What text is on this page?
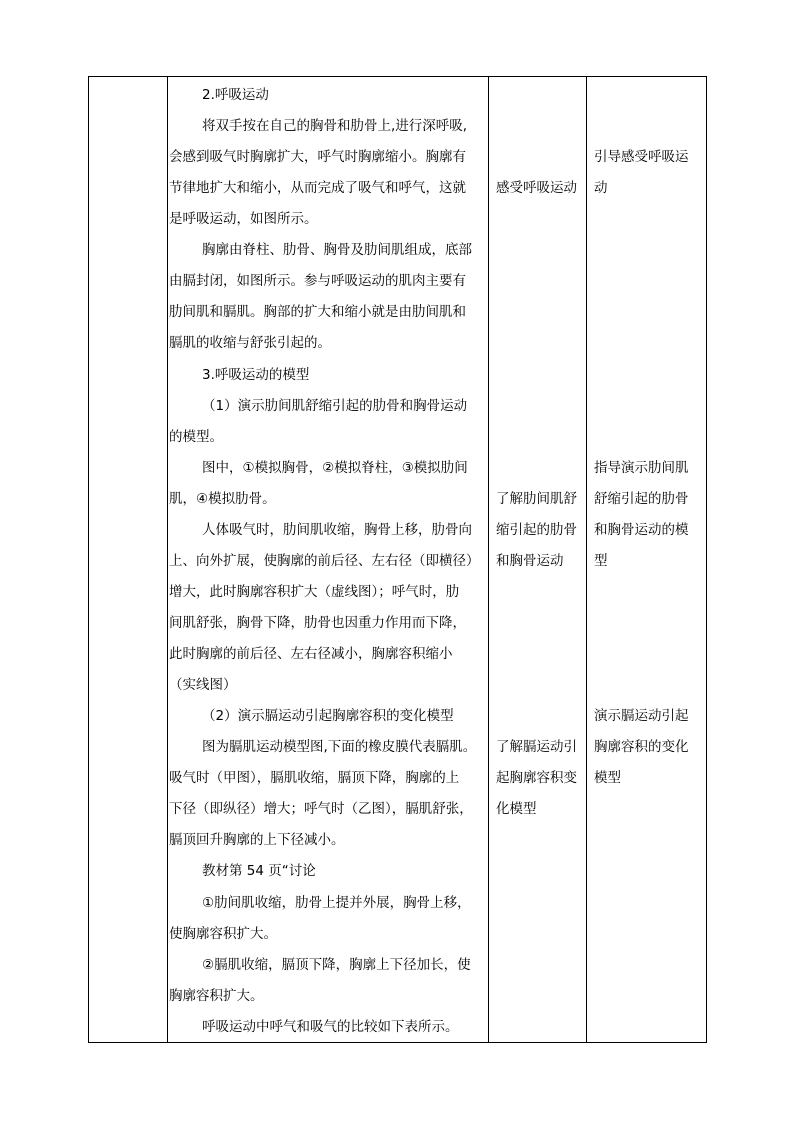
2.呼吸运动
将双手按在自己的胸骨和肋骨上,进行深呼吸,
会感到吸气时胸廓扩大，呼气时胸廓缩小。胸廓有
节律地扩大和缩小，从而完成了吸气和呼气，这就
是呼吸运动，如图所示。
胸廓由脊柱、肋骨、胸骨及肋间肌组成，底部
由膈封闭，如图所示。参与呼吸运动的肌肉主要有
肋间肌和膈肌。胸部的扩大和缩小就是由肋间肌和
膈肌的收缩与舒张引起的。
3.呼吸运动的模型
（1）演示肋间肌舒缩引起的肋骨和胸骨运动
的模型。
图中，①模拟胸骨，②模拟脊柱，③模拟肋间
肌，④模拟肋骨。
人体吸气时，肋间肌收缩，胸骨上移，肋骨向
上、向外扩展，使胸廓的前后径、左右径（即横径）
增大，此时胸廓容积扩大（虚线图）；呼气时，肋
间肌舒张，胸骨下降，肋骨也因重力作用而下降，
此时胸廓的前后径、左右径减小，胸廓容积缩小
（实线图）
（2）演示膈运动引起胸廓容积的变化模型
图为膈肌运动模型图,下面的橡皮膜代表膈肌。
吸气时（甲图），膈肌收缩，膈顶下降，胸廓的上
下径（即纵径）增大；呼气时（乙图），膈肌舒张，
膈顶回升胸廓的上下径减小。
教材第 54 页“讨论
①肋间肌收缩，肋骨上提并外展，胸骨上移，
使胸廓容积扩大。
②膈肌收缩，膈顶下降，胸廓上下径加长，使
胸廓容积扩大。
呼吸运动中呼气和吸气的比较如下表所示。
感受呼吸运动
了解肋间肌舒
缩引起的肋骨
和胸骨运动
了解膈运动引
起胸廓容积变
化模型
引导感受呼吸运
动
指导演示肋间肌
舒缩引起的肋骨
和胸骨运动的模
型
演示膈运动引起
胸廓容积的变化
模型
